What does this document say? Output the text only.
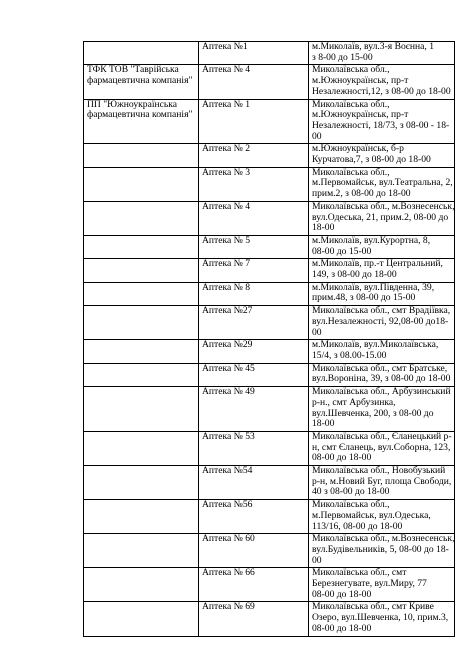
	Аптека №1	м.Миколаїв, вул.3-я Воєнна, 1
з 8-00 до 15-00

ТФК ТОВ "Таврійська
фармацевтична компанія"	Аптека № 4	Миколаївська обл.,
м.Южноукраїнськ, пр-т
Незалежності,12, з 08-00 до 18-00

ПП "Южноукраїнська
фармацевтична компанія"	Аптека № 1	Миколаївська обл.,
м.Южноукраїнськ, пр-т
Незалежності, 18/73, з 08-00 - 18-
00

	Аптека № 2	м.Южноукраїнськ, б-р
Курчатова,7, з 08-00 до 18-00

	Аптека № 3	Миколаївська обл.,
м.Первомайськ, вул.Театральна, 2,
прим.2, з 08-00 до 18-00

	Аптека № 4	Миколаївська обл., м.Вознесенськ,
вул.Одеська, 21, прим.2, 08-00 до
18-00

	Аптека № 5	м.Миколаїв, вул.Курортна, 8,
08-00 до 15-00

	Аптека № 7	м.Миколаїв, пр.-т Центральний,
149, з 08-00 до 18-00

	Аптека № 8	м.Миколаїв, вул.Південна, 39,
прим.48, з 08-00 до 15-00

	Аптека №27	Миколаївська обл., смт Врадіївка,
вул.Незалежності, 92,08-00 до18-
00

	Аптека №29	м.Миколаїв, вул.Миколаївська,
15/4, з 08.00-15.00

	Аптека № 45	Миколаївська обл., смт Братське,
вул.Вороніна, 39, з 08-00 до 18-00

	Аптека № 49	Миколаївська обл., Арбузинський
р-н., смт Арбузинка,
вул.Шевченка, 200, з 08-00 до
18-00

	Аптека № 53	Миколаївська обл., Єланецький р-
н, смт Єланець, вул.Соборна, 123,
08-00 до 18-00

	Аптека №54	Миколаївська обл., Новобузький
р-н, м.Новий Буг, площа Свободи,
40 з 08-00 до 18-00

	Аптека №56	Миколаївська обл.,
м.Первомайськ, вул.Одеська,
113/16, 08-00 до 18-00

	Аптека № 60	Миколаївська обл., м.Вознесенськ,
вул.Будівельників, 5, 08-00 до 18-
00

	Аптека № 66	Миколаївська обл., смт
Березнегувате, вул.Миру, 77
08-00 до 18-00

	Аптека № 69	Миколаївська обл., смт Криве
Озеро, вул.Шевченка, 10, прим.3,
08-00 до 18-00
